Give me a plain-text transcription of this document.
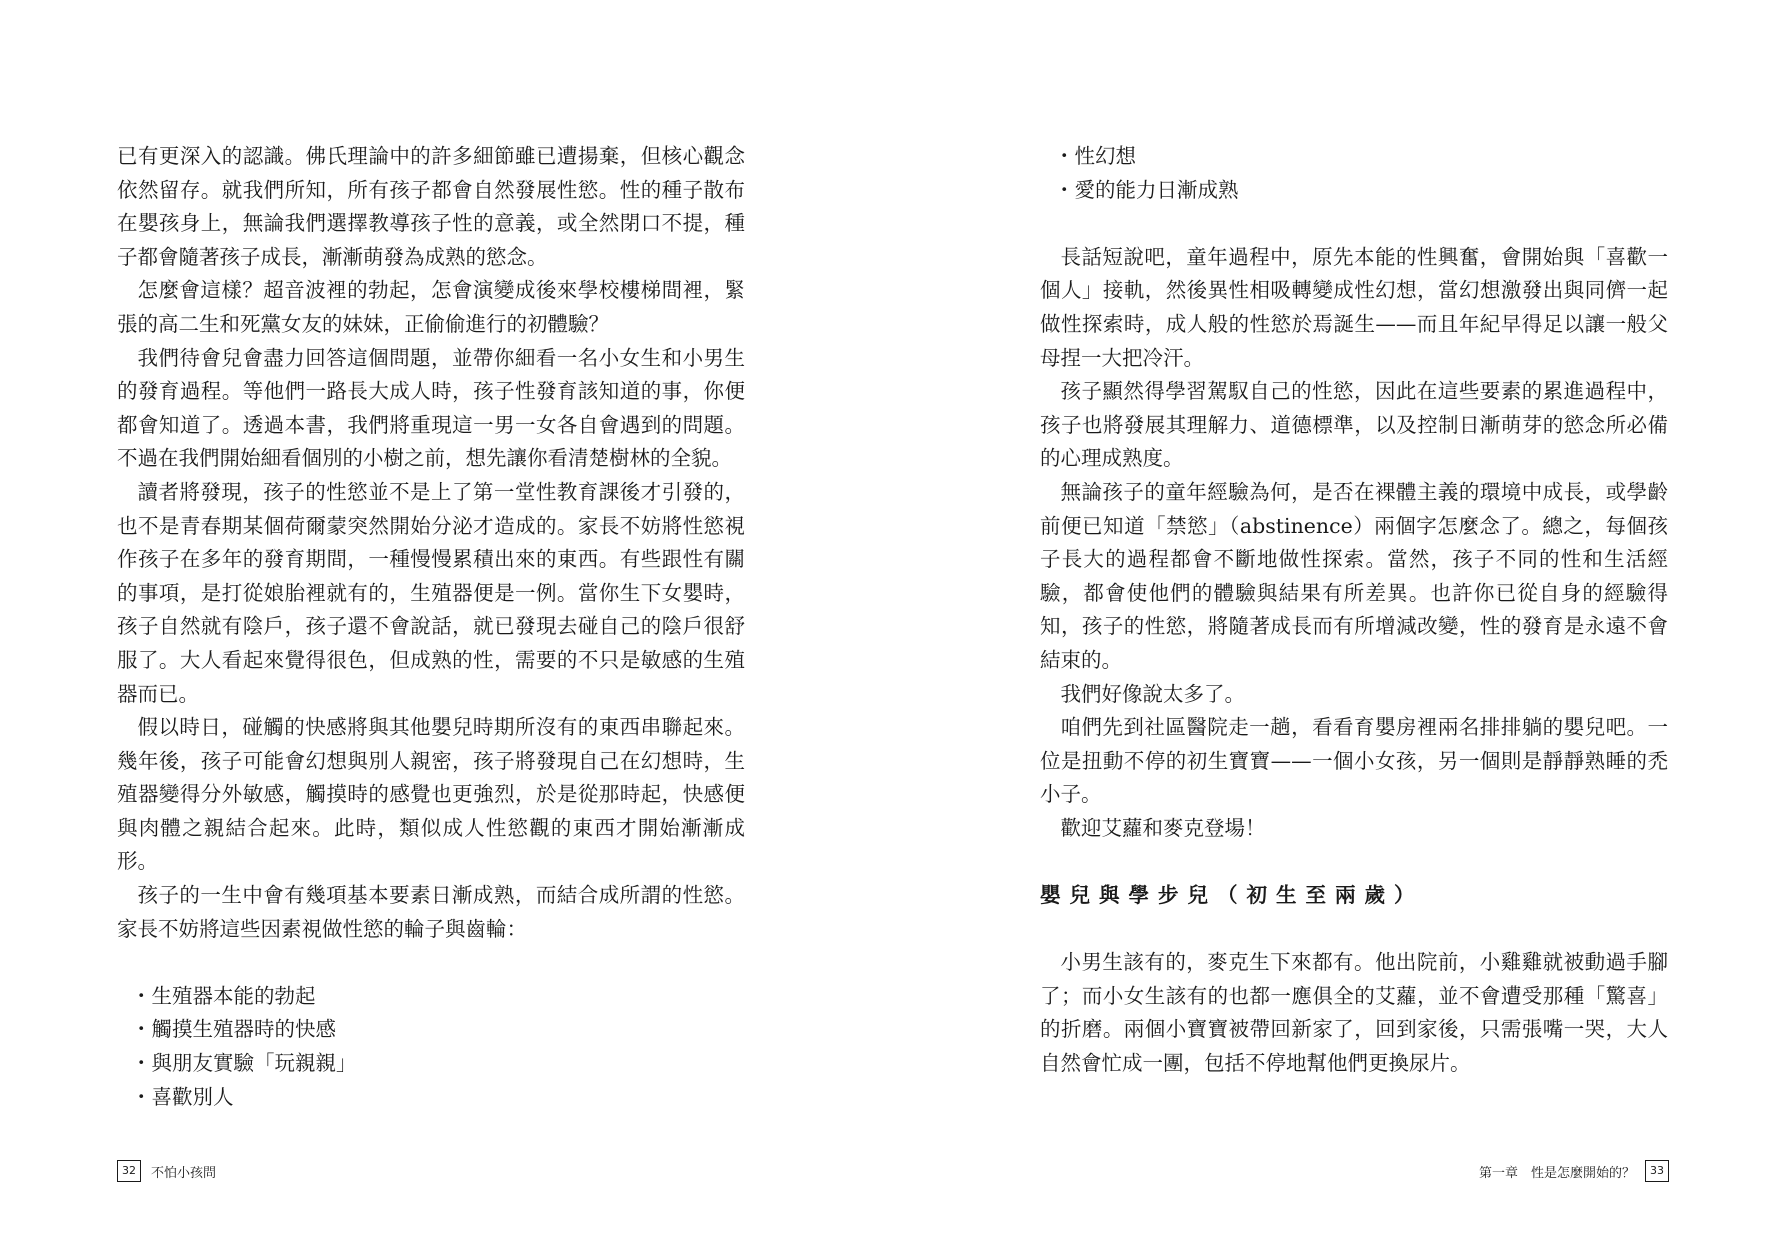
已有更深入的認識。佛氏理論中的許多細節雖已遭揚棄，但核心觀念依然留存。就我們所知，所有孩子都會自然發展性慾。性的種子散布在嬰孩身上，無論我們選擇教導孩子性的意義，或全然閉口不提，種子都會隨著孩子成長，漸漸萌發為成熟的慾念。

怎麼會這樣？超音波裡的勃起，怎會演變成後來學校樓梯間裡，緊張的高二生和死黨女友的妹妹，正偷偷進行的初體驗？

我們待會兒會盡力回答這個問題，並帶你細看一名小女生和小男生的發育過程。等他們一路長大成人時，孩子性發育該知道的事，你便都會知道了。透過本書，我們將重現這一男一女各自會遇到的問題。不過在我們開始細看個別的小樹之前，想先讓你看清楚樹林的全貌。

讀者將發現，孩子的性慾並不是上了第一堂性教育課後才引發的，也不是青春期某個荷爾蒙突然開始分泌才造成的。家長不妨將性慾視作孩子在多年的發育期間，一種慢慢累積出來的東西。有些跟性有關的事項，是打從娘胎裡就有的，生殖器便是一例。當你生下女嬰時，孩子自然就有陰戶，孩子還不會說話，就已發現去碰自己的陰戶很舒服了。大人看起來覺得很色，但成熟的性，需要的不只是敏感的生殖器而已。

假以時日，碰觸的快感將與其他嬰兒時期所沒有的東西串聯起來。幾年後，孩子可能會幻想與別人親密，孩子將發現自己在幻想時，生殖器變得分外敏感，觸摸時的感覺也更強烈，於是從那時起，快感便與肉體之親結合起來。此時，類似成人性慾觀的東西才開始漸漸成形。

孩子的一生中會有幾項基本要素日漸成熟，而結合成所謂的性慾。家長不妨將這些因素視做性慾的輪子與齒輪：

・ 生殖器本能的勃起
・ 觸摸生殖器時的快感
・ 與朋友實驗「玩親親」
・ 喜歡別人
32	不怕小孩問
・ 性幻想
・ 愛的能力日漸成熟

長話短說吧，童年過程中，原先本能的性興奮，會開始與「喜歡一個人」接軌，然後異性相吸轉變成性幻想，當幻想激發出與同儕一起做性探索時，成人般的性慾於焉誕生——而且年紀早得足以讓一般父母捏一大把冷汗。

孩子顯然得學習駕馭自己的性慾，因此在這些要素的累進過程中，孩子也將發展其理解力、道德標準，以及控制日漸萌芽的慾念所必備的心理成熟度。

無論孩子的童年經驗為何，是否在裸體主義的環境中成長，或學齡前便已知道「禁慾」（abstinence）兩個字怎麼念了。總之，每個孩子長大的過程都會不斷地做性探索。當然，孩子不同的性和生活經驗，都會使他們的體驗與結果有所差異。也許你已從自身的經驗得知，孩子的性慾，將隨著成長而有所增減改變，性的發育是永遠不會結束的。

我們好像說太多了。

咱們先到社區醫院走一趟，看看育嬰房裡兩名排排躺的嬰兒吧。一位是扭動不停的初生寶寶——一個小女孩，另一個則是靜靜熟睡的禿小子。

歡迎艾蘿和麥克登場！

嬰兒與學步兒（初生至兩歲）

小男生該有的，麥克生下來都有。他出院前，小雞雞就被動過手腳了；而小女生該有的也都一應俱全的艾蘿，並不會遭受那種「驚喜」的折磨。兩個小寶寶被帶回新家了，回到家後，只需張嘴一哭，大人自然會忙成一團，包括不停地幫他們更換尿片。

第一章　性是怎麼開始的？	33
